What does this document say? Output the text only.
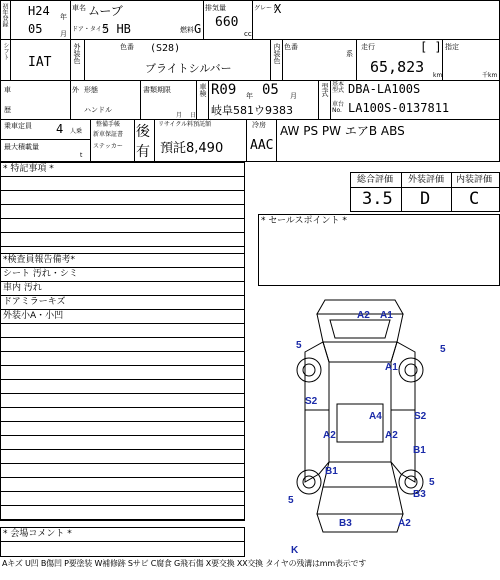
初年登録 H24 年
05	月
車名 ムーブ
ドア・タイプ
5 HB	燃料 G
排気量
660
cc
グレード
X
シフト
IAT	外装色	色番 (S28)
ブライトシルバー
内装色 色番
系
走行	[ ]
65,823 km
指定
千km
車
歴
外 形態
ハンドル
書類期限
月 日
車検 R09 年 05 月
岐阜581ウ9383
型式 基本型式 DBA-LA100S
車台No. LA100S-0137811
乗車定員 4 人乗
最大積載量
t
整備手帳
新車保証書
ステッカー
後
有
リサイクル料預託額
預託8,490
冷房
AAC
AW PS PW エアB ABS
* 特記事項 *
総合評価 外装評価 内装評価
3.5 D C
* セールスポイント *
*検査員報告備考*
シート 汚れ・シミ
車内 汚れ
ドアミラーキズ
外装小A・小凹
* 会場コメント *
A2 A1
5	5
A1
S2
A4	S2
A2	A2
B1
B1
5
5
B3
B3	A2
K
Aキズ U凹 B傷凹 P要塗装 W補修跡 Sサビ C腐食 G飛石傷 X要交換 XX交換 タイヤの残溝はmm表示です
